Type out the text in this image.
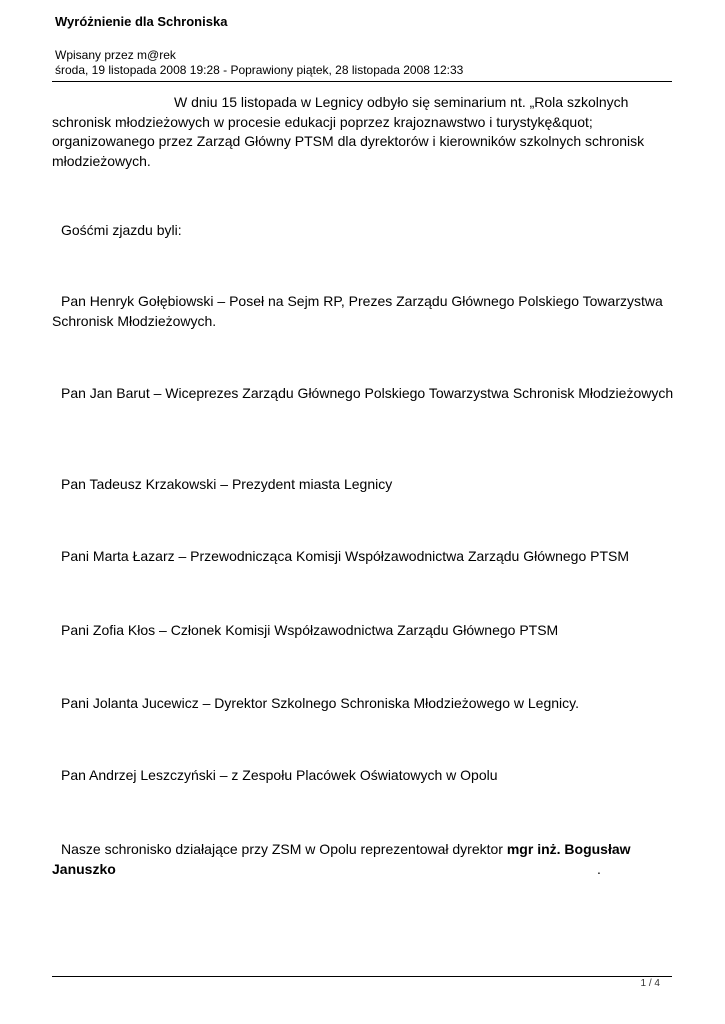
Wyróżnienie dla Schroniska
Wpisany przez m@rek
środa, 19 listopada 2008 19:28 - Poprawiony piątek, 28 listopada 2008 12:33
W dniu 15 listopada w Legnicy odbyło się seminarium nt. „Rola szkolnych schronisk młodzieżowych w procesie edukacji poprzez krajoznawstwo i turystykę&quot; organizowanego przez Zarząd Główny PTSM dla dyrektorów i kierowników szkolnych schronisk młodzieżowych.
Gośćmi zjazdu byli:
Pan Henryk Gołębiowski – Poseł na Sejm RP, Prezes Zarządu Głównego Polskiego Towarzystwa Schronisk Młodzieżowych.
Pan Jan Barut – Wiceprezes Zarządu Głównego Polskiego Towarzystwa Schronisk Młodzieżowych
Pan Tadeusz Krzakowski – Prezydent miasta Legnicy
Pani Marta Łazarz – Przewodnicząca Komisji Współzawodnictwa Zarządu Głównego PTSM
Pani Zofia Kłos – Członek Komisji Współzawodnictwa Zarządu Głównego PTSM
Pani Jolanta Jucewicz – Dyrektor Szkolnego Schroniska Młodzieżowego w Legnicy.
Pan Andrzej Leszczyński – z Zespołu Placówek Oświatowych w Opolu
Nasze schronisko działające przy ZSM w Opolu reprezentował dyrektor mgr inż. Bogusław
Januszko	.
1 / 4
